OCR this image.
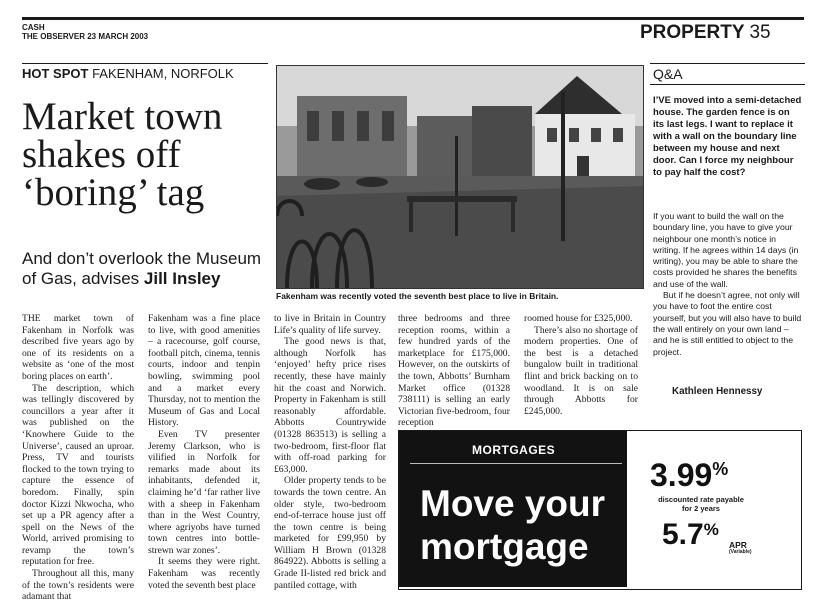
CASH
THE OBSERVER 23 MARCH 2003	PROPERTY 35
HOT SPOT FAKENHAM, NORFOLK
Market town shakes off ‘boring’ tag
And don’t overlook the Museum of Gas, advises Jill Insley

THE market town of Fakenham in Norfolk was described five years ago by one of its residents on a website as ‘one of the most boring places on earth’.

The description, which was tellingly discovered by councillors a year after it was published on the ‘Knowhere Guide to the Universe’, caused an uproar. Press, TV and tourists flocked to the town trying to capture the essence of boredom. Finally, spin doctor Kizzi Nkwocha, who set up a PR agency after a spell on the News of the World, arrived promising to revamp the town’s reputation for free.

Throughout all this, many of the town’s residents were adamant that

Fakenham was a fine place to live, with good amenities – a racecourse, golf course, football pitch, cinema, tennis courts, indoor and tenpin bowling, swimming pool and a market every Thursday, not to mention the Museum of Gas and Local History.

Even TV presenter Jeremy Clarkson, who is vilified in Norfolk for remarks made about its inhabitants, defended it, claiming he’d ‘far rather live with a sheep in Fakenham than in the West Country, where agriyobs have turned town centres into bottle-strewn war zones’.

It seems they were right. Fakenham was recently voted the seventh best place

to live in Britain in Country Life’s quality of life survey.

The good news is that, although Norfolk has ‘enjoyed’ hefty price rises recently, these have mainly hit the coast and Norwich. Property in Fakenham is still reasonably affordable. Abbotts Countrywide (01328 863513) is selling a two-bedroom, first-floor flat with off-road parking for £63,000.

Older property tends to be towards the town centre. An older style, two-bedroom end-of-terrace house just off the town centre is being marketed for £99,950 by William H Brown (01328 864922). Abbotts is selling a Grade II-listed red brick and pantiled cottage, with

three bedrooms and three reception rooms, within a few hundred yards of the marketplace for £175,000. However, on the outskirts of the town, Abbotts’ Burnham Market office (01328 738111) is selling an early Victorian five-bedroom, four reception

roomed house for £325,000.

There’s also no shortage of modern properties. One of the best is a detached bungalow built in traditional flint and brick backing on to woodland. It is on sale through Abbotts for £245,000.

Fakenham was recently voted the seventh best place to live in Britain.
Q&A
I’VE moved into a semi-detached house. The garden fence is on its last legs. I want to replace it with a wall on the boundary line between my house and next door. Can I force my neighbour to pay half the cost?

If you want to build the wall on the boundary line, you have to give your neighbour one month’s notice in writing. If he agrees within 14 days (in writing), you may be able to share the costs provided he shares the benefits and use of the wall.

But if he doesn’t agree, not only will you have to foot the entire cost yourself, but you will also have to build the wall entirely on your own land – and he is still entitled to object to the project.

Kathleen Hennessy
MORTGAGES
Move your mortgage
3.99%
discounted rate payable for 2 years
5.7%
APR
(Variable)
